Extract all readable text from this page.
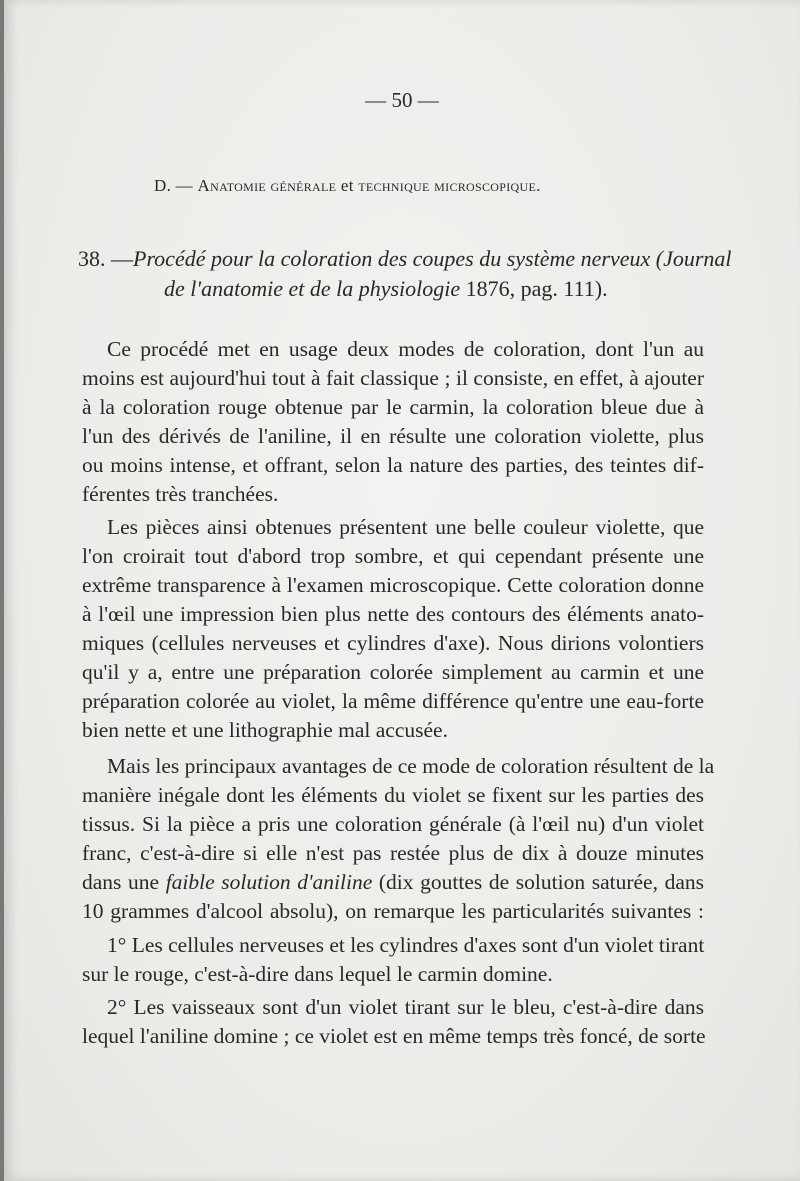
— 50 —
D. — Anatomie générale et technique microscopique.
38. —Procédé pour la coloration des coupes du système nerveux (Journal
de l'anatomie et de la physiologie 1876, pag. 111).
Ce procédé met en usage deux modes de coloration, dont l'un au
moins est aujourd'hui tout à fait classique ; il consiste, en effet, à ajouter
à la coloration rouge obtenue par le carmin, la coloration bleue due à
l'un des dérivés de l'aniline, il en résulte une coloration violette, plus
ou moins intense, et offrant, selon la nature des parties, des teintes dif-
férentes très tranchées.
Les pièces ainsi obtenues présentent une belle couleur violette, que
l'on croirait tout d'abord trop sombre, et qui cependant présente une
extrême transparence à l'examen microscopique. Cette coloration donne
à l'œil une impression bien plus nette des contours des éléments anato-
miques (cellules nerveuses et cylindres d'axe). Nous dirions volontiers
qu'il y a, entre une préparation colorée simplement au carmin et une
préparation colorée au violet, la même différence qu'entre une eau-forte
bien nette et une lithographie mal accusée.
Mais les principaux avantages de ce mode de coloration résultent de la
manière inégale dont les éléments du violet se fixent sur les parties des
tissus. Si la pièce a pris une coloration générale (à l'œil nu) d'un violet
franc, c'est-à-dire si elle n'est pas restée plus de dix à douze minutes
dans une faible solution d'aniline (dix gouttes de solution saturée, dans
10 grammes d'alcool absolu), on remarque les particularités suivantes :
1° Les cellules nerveuses et les cylindres d'axes sont d'un violet tirant
sur le rouge, c'est-à-dire dans lequel le carmin domine.
2° Les vaisseaux sont d'un violet tirant sur le bleu, c'est-à-dire dans
lequel l'aniline domine ; ce violet est en même temps très foncé, de sorte
